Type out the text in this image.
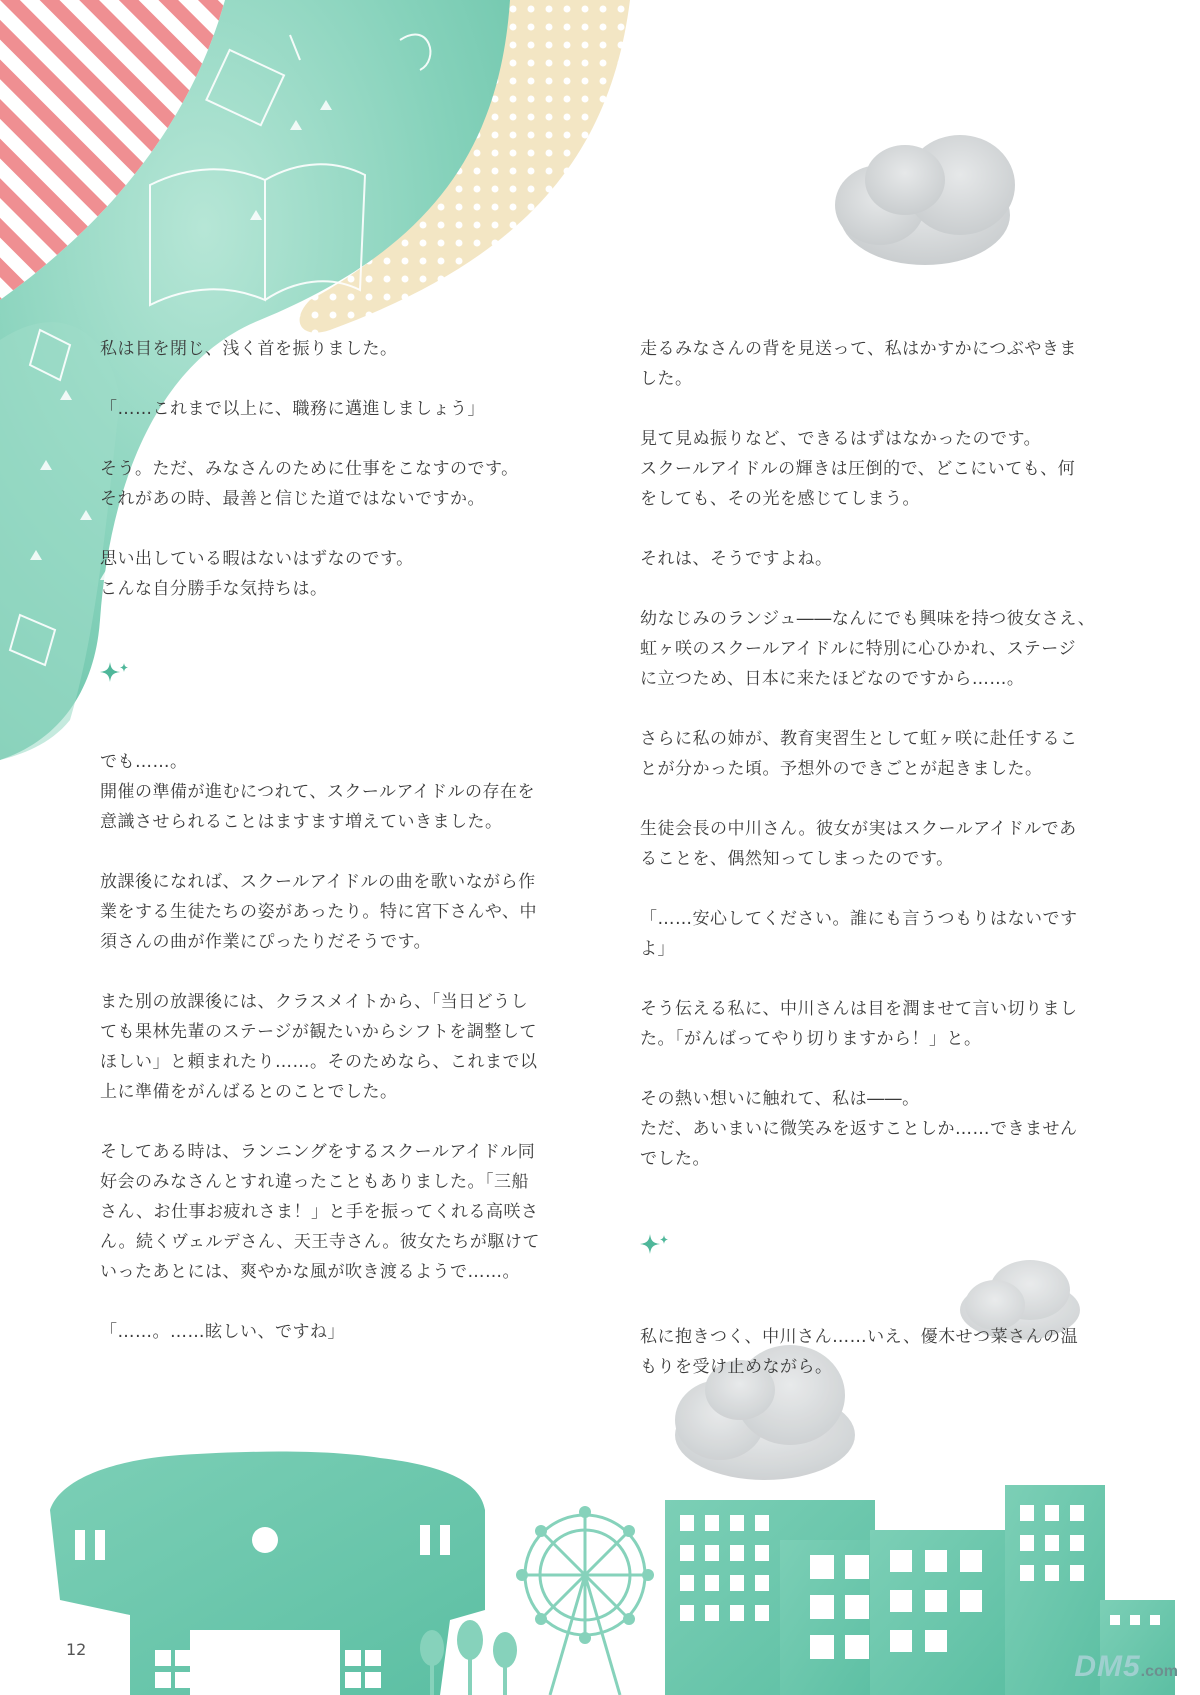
私は目を閉じ、浅く首を振りました。

「……これまで以上に、職務に邁進しましょう」

そう。ただ、みなさんのために仕事をこなすのです。
それがあの時、最善と信じた道ではないですか。

思い出している暇はないはずなのです。
こんな自分勝手な気持ちは。

でも……。
開催の準備が進むにつれて、スクールアイドルの存在を
意識させられることはますます増えていきました。

放課後になれば、スクールアイドルの曲を歌いながら作
業をする生徒たちの姿があったり。特に宮下さんや、中
須さんの曲が作業にぴったりだそうです。

また別の放課後には、クラスメイトから、「当日どうし
ても果林先輩のステージが観たいからシフトを調整して
ほしい」と頼まれたり……。そのためなら、これまで以
上に準備をがんばるとのことでした。

そしてある時は、ランニングをするスクールアイドル同
好会のみなさんとすれ違ったこともありました。「三船
さん、お仕事お疲れさま！」と手を振ってくれる高咲さ
ん。続くヴェルデさん、天王寺さん。彼女たちが駆けて
いったあとには、爽やかな風が吹き渡るようで……。

「……。……眩しい、ですね」

走るみなさんの背を見送って、私はかすかにつぶやきま
した。

見て見ぬ振りなど、できるはずはなかったのです。
スクールアイドルの輝きは圧倒的で、どこにいても、何
をしても、その光を感じてしまう。

それは、そうですよね。

幼なじみのランジュ――なんにでも興味を持つ彼女さえ、
虹ヶ咲のスクールアイドルに特別に心ひかれ、ステージ
に立つため、日本に来たほどなのですから……。

さらに私の姉が、教育実習生として虹ヶ咲に赴任するこ
とが分かった頃。予想外のできごとが起きました。

生徒会長の中川さん。彼女が実はスクールアイドルであ
ることを、偶然知ってしまったのです。

「……安心してください。誰にも言うつもりはないです
よ」

そう伝える私に、中川さんは目を潤ませて言い切りまし
た。「がんばってやり切りますから！」と。

その熱い想いに触れて、私は――。
ただ、あいまいに微笑みを返すことしか……できません
でした。

私に抱きつく、中川さん……いえ、優木せつ菜さんの温
もりを受け止めながら。

12
DM5.com
